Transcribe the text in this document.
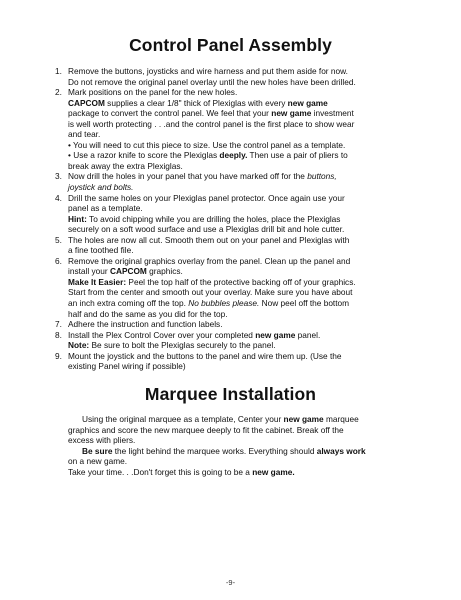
Control Panel Assembly
1. Remove the buttons, joysticks and wire harness and put them aside for now.
Do not remove the original panel overlay until the new holes have been drilled.
2. Mark positions on the panel for the new holes.
CAPCOM supplies a clear 1/8" thick of Plexiglas with every new game
package to convert the control panel. We feel that your new game investment
is well worth protecting . . .and the control panel is the first place to show wear
and tear.
• You will need to cut this piece to size. Use the control panel as a template.
• Use a razor knife to score the Plexiglas deeply. Then use a pair of pliers to
break away the extra Plexiglas.
3. Now drill the holes in your panel that you have marked off for the buttons,
joystick and bolts.
4. Drill the same holes on your Plexiglas panel protector. Once again use your
panel as a template.
Hint: To avoid chipping while you are drilling the holes, place the Plexiglas
securely on a soft wood surface and use a Plexiglas drill bit and hole cutter.
5. The holes are now all cut. Smooth them out on your panel and Plexiglas with
a fine toothed file.
6. Remove the original graphics overlay from the panel. Clean up the panel and
install your CAPCOM graphics.
Make It Easier: Peel the top half of the protective backing off of your graphics.
Start from the center and smooth out your overlay. Make sure you have about
an inch extra coming off the top. No bubbles please. Now peel off the bottom
half and do the same as you did for the top.
7. Adhere the instruction and function labels.
8. Install the Plex Control Cover over your completed new game panel.
Note: Be sure to bolt the Plexiglas securely to the panel.
9. Mount the joystick and the buttons to the panel and wire them up. (Use the
existing Panel wiring if possible)
Marquee Installation
Using the original marquee as a template, Center your new game marquee
graphics and score the new marquee deeply to fit the cabinet. Break off the
excess with pliers.
Be sure the light behind the marquee works. Everything should always work
on a new game.
Take your time. . .Don't forget this is going to be a new game.
-9-
